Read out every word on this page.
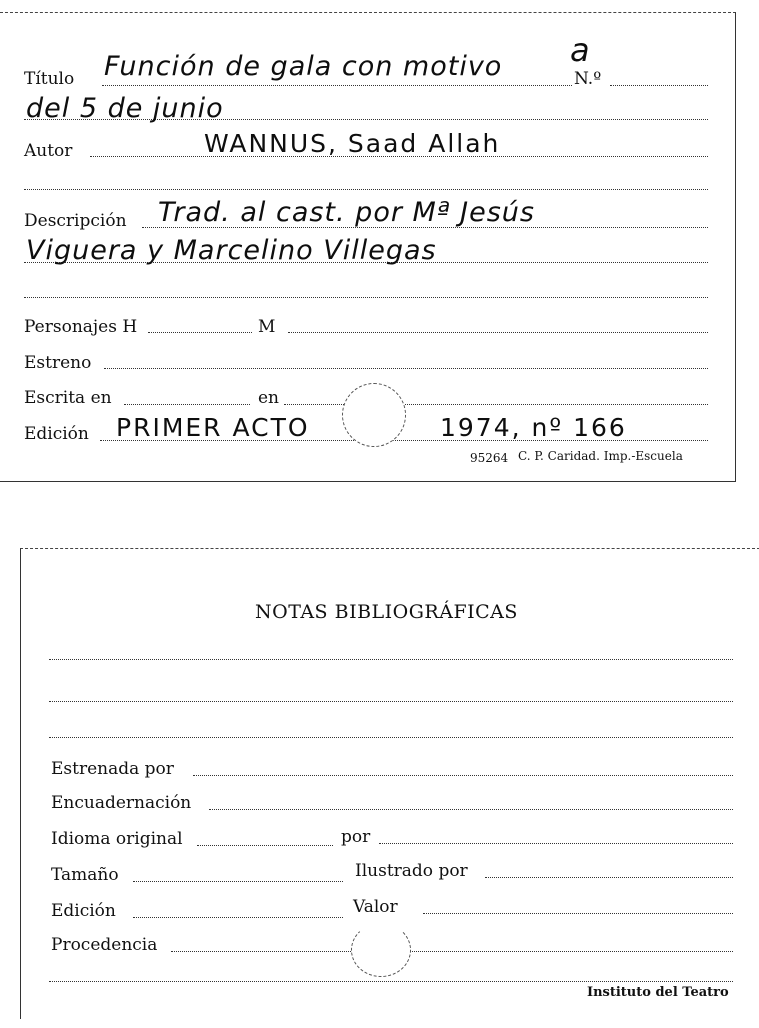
Título Función de gala con motivo a
N.º
del 5 de junio
Autor	WANNUS, Saad Allah
Descripción Trad. al cast. por Mª Jesús
Viguera y Marcelino Villegas
Personajes H	M
Estreno
Escrita en	en
Edición PRIMER ACTO	1974, nº 166
95264 C. P. Caridad. Imp.-Escuela
NOTAS BIBLIOGRÁFICAS
Estrenada por
Encuadernación
Idioma original	por
Tamaño	Ilustrado por
Edición	Valor
Procedencia
Instituto del Teatro
